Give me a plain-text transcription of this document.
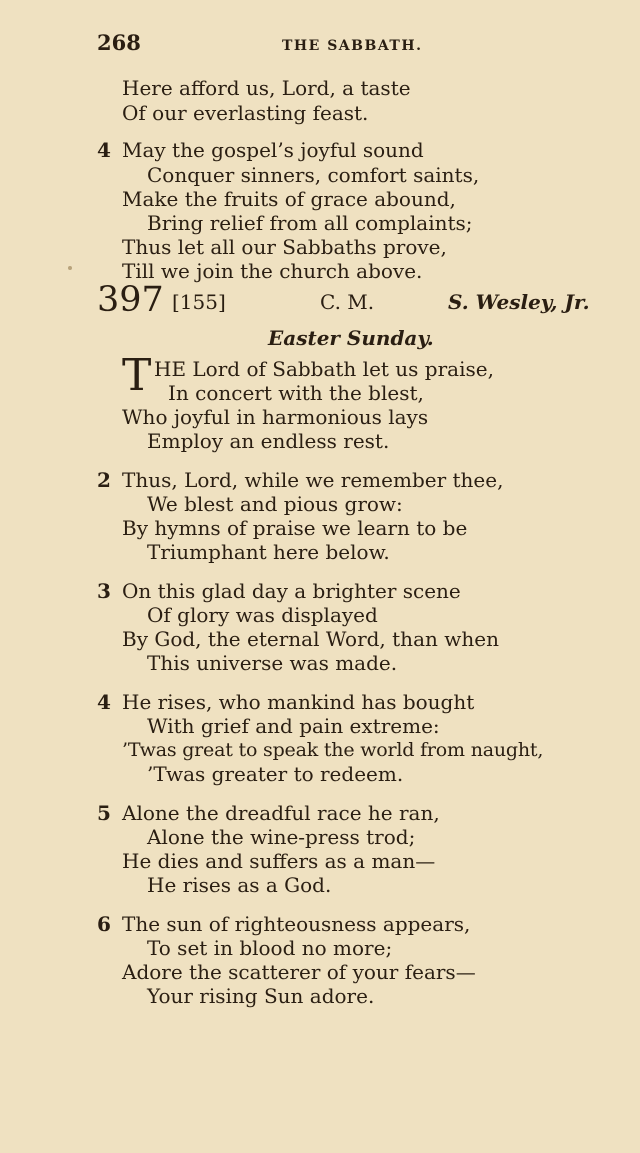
268	THE SABBATH.
Here afford us, Lord, a taste
Of our everlasting feast.
4 May the gospel’s joyful sound
Conquer sinners, comfort saints,
Make the fruits of grace abound,
Bring relief from all complaints;
Thus let all our Sabbaths prove,
Till we join the church above.
397 [155]	C. M.	S. Wesley, Jr.
Easter Sunday.
T HE Lord of Sabbath let us praise,
In concert with the blest,
Who joyful in harmonious lays
Employ an endless rest.
2 Thus, Lord, while we remember thee,
We blest and pious grow:
By hymns of praise we learn to be
Triumphant here below.
3 On this glad day a brighter scene
Of glory was displayed
By God, the eternal Word, than when
This universe was made.
4 He rises, who mankind has bought
With grief and pain extreme:
’Twas great to speak the world from naught,
’Twas greater to redeem.
5 Alone the dreadful race he ran,
Alone the wine-press trod;
He dies and suffers as a man—
He rises as a God.
6 The sun of righteousness appears,
To set in blood no more;
Adore the scatterer of your fears—
Your rising Sun adore.
